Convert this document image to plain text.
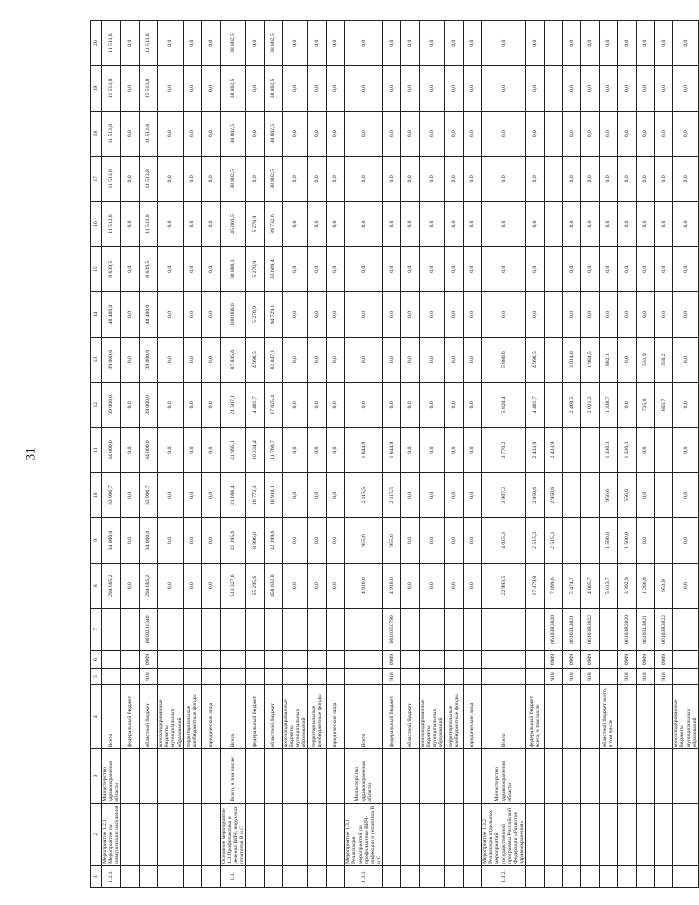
31
1	2	3	4	5	6	7	8	9	10	11	12	13	14	15	16	17	18	19	20
1.2.1.	Мероприятие 1.2.1 Мероприятие по иммунизации населения	Министерство здравоохранения области	Всего				294 685,2	34 000,0	33 996,7	34 000,0	39 000,0	39 000,0	48 480,0	8 639,5	11 513,8	11 513,8	11 513,8	11 513,8	11 513,8
			федеральный бюджет				0,0	0,0	0,0	0,0	0,0	0,0	0,0	0,0	0,0	0,0	0,0	0,0	0,0
			областной бюджет	918	0909	0610211340	294 685,2	34 000,0	33 996,7	34 000,0	39 000,0	39 000,0	48 480,0	8 639,5	11 513,8	11 513,8	11 513,8	11 513,8	11 513,8
			консолидированные бюджеты муниципальных образований				0,0	0,0	0,0	0,0	0,0	0,0	0,0	0,0	0,0	0,0	0,0	0,0	0,0
			территориальные внебюджетные фонды				0,0	0,0	0,0	0,0	0,0	0,0	0,0	0,0	0,0	0,0	0,0	0,0	0,0
			юридические лица				0,0	0,0	0,0	0,0	0,0	0,0	0,0	0,0	0,0	0,0	0,0	0,0	0,0
1.3.	Основное мероприятие 1.3 Профилактика и лечение ВИЧ, вирусных гепатитов В и С	Всего, в том числе:	Всего				513 327,6	21 195,6	21 690,4	21 995,1	21 507,1	87 845,6	100 000,0	38 880,3	45 003,5	38 802,5	38 802,5	38 802,5	38 802,5
			федеральный бюджет				55 295,6	8 996,0	10 772,3	10 234,4	4 481,7	4 998,5	5 270,9	5 270,9	5 270,9	0,0	0,0	0,0	0,0
			областной бюджет				458 032,0	12 199,6	10 918,1	11 760,7	17 025,4	82 847,1	94 729,1	33 609,4	39 732,6	38 802,5	38 802,5	38 802,5	38 802,5
			консолидированные бюджеты муниципальных образований				0,0	0,0	0,0	0,0	0,0	0,0	0,0	0,0	0,0	0,0	0,0	0,0	0,0
			территориальные внебюджетные фонды				0,0	0,0	0,0	0,0	0,0	0,0	0,0	0,0	0,0	0,0	0,0	0,0	0,0
			юридические лица				0,0	0,0	0,0	0,0	0,0	0,0	0,0	0,0	0,0	0,0	0,0	0,0	0,0
1.3.1.	Мероприятие 1.3.1 Реализация мероприятий по профилактике ВИЧ-инфекции и гепатитов В и С	Министерство здравоохранения области	Всего				4 916,0	955,6	2 115,5	1 844,9	0,0	0,0	0,0	0,0	0,0	0,0	0,0	0,0	0,0
			федеральный бюджет	918	0909	0610351790	4 916,0	955,6	2 115,5	1 844,9	0,0	0,0	0,0	0,0	0,0	0,0	0,0	0,0	0,0
			областной бюджет				0,0	0,0	0,0	0,0	0,0	0,0	0,0	0,0	0,0	0,0	0,0	0,0	0,0
			консолидированные бюджеты муниципальных образований				0,0	0,0	0,0	0,0	0,0	0,0	0,0	0,0	0,0	0,0	0,0	0,0	0,0
			территориальные внебюджетные фонды				0,0	0,0	0,0	0,0	0,0	0,0	0,0	0,0	0,0	0,0	0,0	0,0	0,0
			юридические лица				0,0	0,0	0,0	0,0	0,0	0,0	0,0	0,0	0,0	0,0	0,0	0,0	0,0
1.3.2.	Мероприятие 1.3.2 Реализация отдельных мероприятий государственной программы Российской Федерации «Развитие здравоохранения»	Министерство здравоохранения области	Всего				22 993,5	4 015,3	3 907,2	3 770,2	5 820,4	5 880,6	0,0	0,0	0,0	0,0	0,0	0,0	0,0
			федеральный бюджет всего, в том числе				17 379,8	2 515,3	2 950,6	2 433,9	4 481,7	4 998,5	0,0	0,0	0,0	0,0	0,0	0,0	0,0
				918	0909	06103R3820	7 899,6	2 515,3	2 950,6	2 433,9									
				918	0909	06103L3821	5 474,7				2 460,5	3 014,0	0,0	0,0	0,0	0,0	0,0	0,0	0,0
				918	0909	06103R3822	4 005,7				2 021,2	1 984,5	0,0	0,0	0,0	0,0	0,0	0,0	0,0
			областной бюджет всего, в том числе				5 613,7	1 500,0	956,6	1 336,3	1 338,7	882,1	0,0	0,0	0,0	0,0	0,0	0,0	0,0
				918	0909	06103R3820	3 392,9	1 500,0	556,6	1 336,3	0,0	0,0	0,0	0,0	0,0	0,0	0,0	0,0	0,0
				918	0909	06103L3821	1 266,9	0,0	0,0	0,0	735,0	531,9	0,0	0,0	0,0	0,0	0,0	0,0	0,0
				918	0909	06103R3822	953,9				603,7	350,2	0,0	0,0	0,0	0,0	0,0	0,0	0,0
			консолидированные бюджеты муниципальных образований				0,0	0,0	0,0	0,0	0,0	0,0	0,0	0,0	0,0	0,0	0,0	0,0	0,0
